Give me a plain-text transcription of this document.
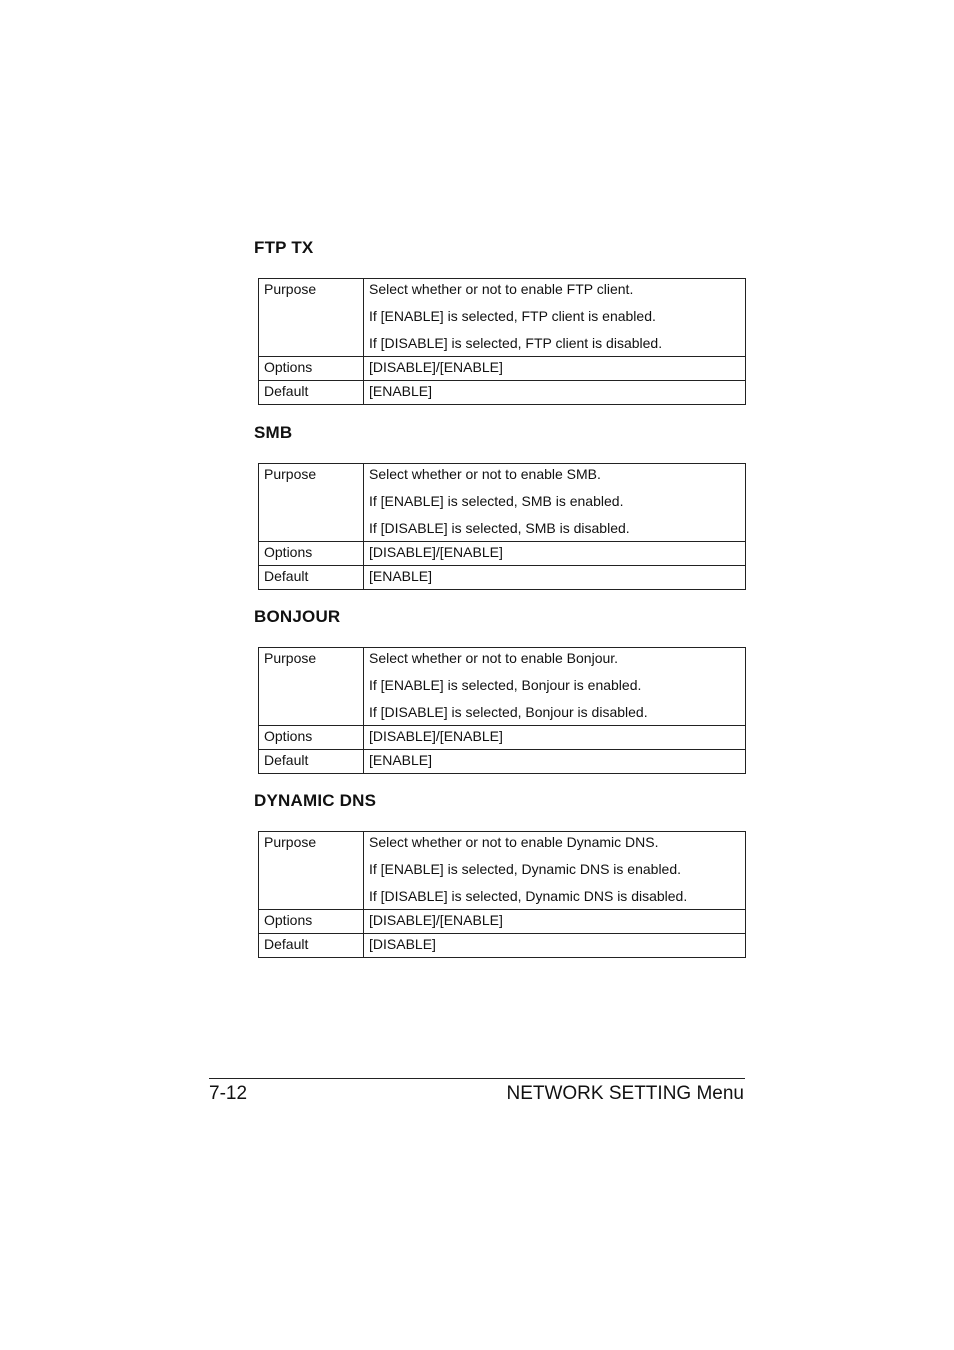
FTP TX
Purpose	Select whether or not to enable FTP client.
If [ENABLE] is selected, FTP client is enabled.
If [DISABLE] is selected, FTP client is disabled.

Options	[DISABLE]/[ENABLE]

Default	[ENABLE]
SMB
Purpose	Select whether or not to enable SMB.
If [ENABLE] is selected, SMB is enabled.
If [DISABLE] is selected, SMB is disabled.

Options	[DISABLE]/[ENABLE]

Default	[ENABLE]
BONJOUR
Purpose	Select whether or not to enable Bonjour.
If [ENABLE] is selected, Bonjour is enabled.
If [DISABLE] is selected, Bonjour is disabled.

Options	[DISABLE]/[ENABLE]

Default	[ENABLE]
DYNAMIC DNS
Purpose	Select whether or not to enable Dynamic DNS.
If [ENABLE] is selected, Dynamic DNS is enabled.
If [DISABLE] is selected, Dynamic DNS is disabled.

Options	[DISABLE]/[ENABLE]

Default	[DISABLE]
7-12	NETWORK SETTING Menu
